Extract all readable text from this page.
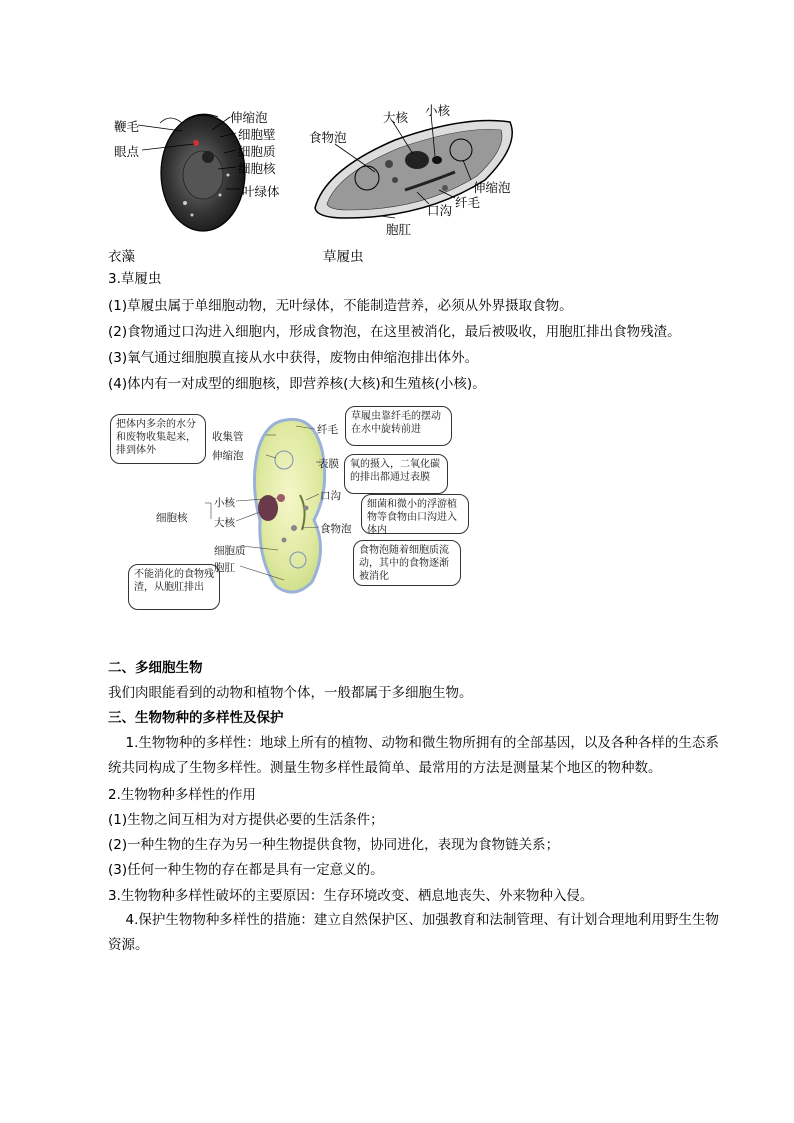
鞭毛
眼点
伸缩泡
细胞壁
细胞质
细胞核
叶绿体
大核 小核
食物泡
伸缩泡
纤毛
口沟
胞肛
衣藻	草履虫
3.草履虫
(1)草履虫属于单细胞动物，无叶绿体，不能制造营养，必须从外界摄取食物。
(2)食物通过口沟进入细胞内，形成食物泡，在这里被消化，最后被吸收，用胞肛排出食物残渣。
(3)氧气通过细胞膜直接从水中获得，废物由伸缩泡排出体外。
(4)体内有一对成型的细胞核，即营养核(大核)和生殖核(小核)。
把体内多余的水分和废物收集起来，排到体外
草履虫靠纤毛的摆动在水中旋转前进
氧的摄入，二氧化碳的排出都通过表膜
细菌和微小的浮游植物等食物由口沟进入体内
食物泡随着细胞质流动，其中的食物逐渐被消化
不能消化的食物残渣，从胞肛排出
收集管
伸缩泡
细胞核
小核
大核
细胞质
胞肛
纤毛
表膜
口沟
食物泡
二、多细胞生物
我们肉眼能看到的动物和植物个体，一般都属于多细胞生物。
三、生物物种的多样性及保护
1.生物物种的多样性：地球上所有的植物、动物和微生物所拥有的全部基因，以及各种各样的生态系统共同构成了生物多样性。测量生物多样性最简单、最常用的方法是测量某个地区的物种数。
2.生物物种多样性的作用
(1)生物之间互相为对方提供必要的生活条件；
(2)一种生物的生存为另一种生物提供食物，协同进化，表现为食物链关系；
(3)任何一种生物的存在都是具有一定意义的。
3.生物物种多样性破坏的主要原因：生存环境改变、栖息地丧失、外来物种入侵。
4.保护生物物种多样性的措施：建立自然保护区、加强教育和法制管理、有计划合理地利用野生生物资源。
